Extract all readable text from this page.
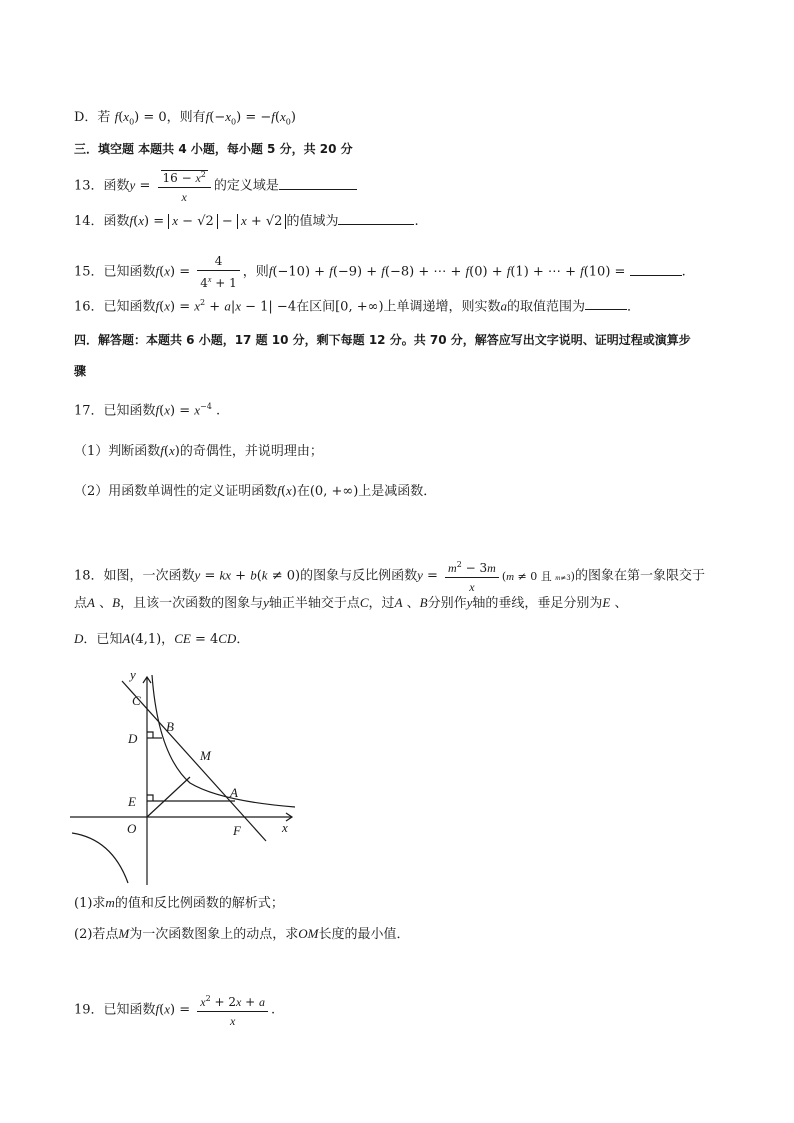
D．若 $f(x_0) = 0$，则有$f(-x_0) = -f(x_0)$
三．填空题 本题共 4 小题，每小题 5 分，共 20 分
13．函数$y = \frac{16 - x^2}{x}$ 的定义域是
14．函数f(x) = x − √2 − x + √2 的值域为	.
15．已知函数$f(x) = \frac{4}{4^x + 1}$ ，则f(−10) + f(−9) + f(−8) + ⋯ + f(0) + f(1) + ⋯ + f(10) =	.
16．已知函数$f(x) = x^2 + a|x - 1| -4$在区间[0, +∞)上单调递增，则实数a的取值范围为	．
四．解答题：本题共 6 小题，17 题 10 分，剩下每题 12 分。共 70 分，解答应写出文字说明、证明过程或演算步
骤
17．已知函数$f(x) = x^{-4}$ .
（1）判断函数f(x)的奇偶性，并说明理由；
（2）用函数单调性的定义证明函数f(x)在(0, +∞)上是减函数．
18．如图，一次函数y = kx + b(k ≠ 0)的图象与反比例函数$y = \frac{m^2 - 3m}{x} (m \ne 0$ 且 m≠3)的图象在第一象限交于
点A 、B，且该一次函数的图象与y轴正半轴交于点C，过A 、B分别作y轴的垂线，垂足分别为E 、
D．已知A(4,1)，CE = 4CD．
y
x
O
C
B
D
M
E
A
F
(1)求m的值和反比例函数的解析式；
(2)若点M为一次函数图象上的动点，求OM长度的最小值．
19．已知函数$f(x) = \frac{x^2 + 2x + a}{x}$ .
